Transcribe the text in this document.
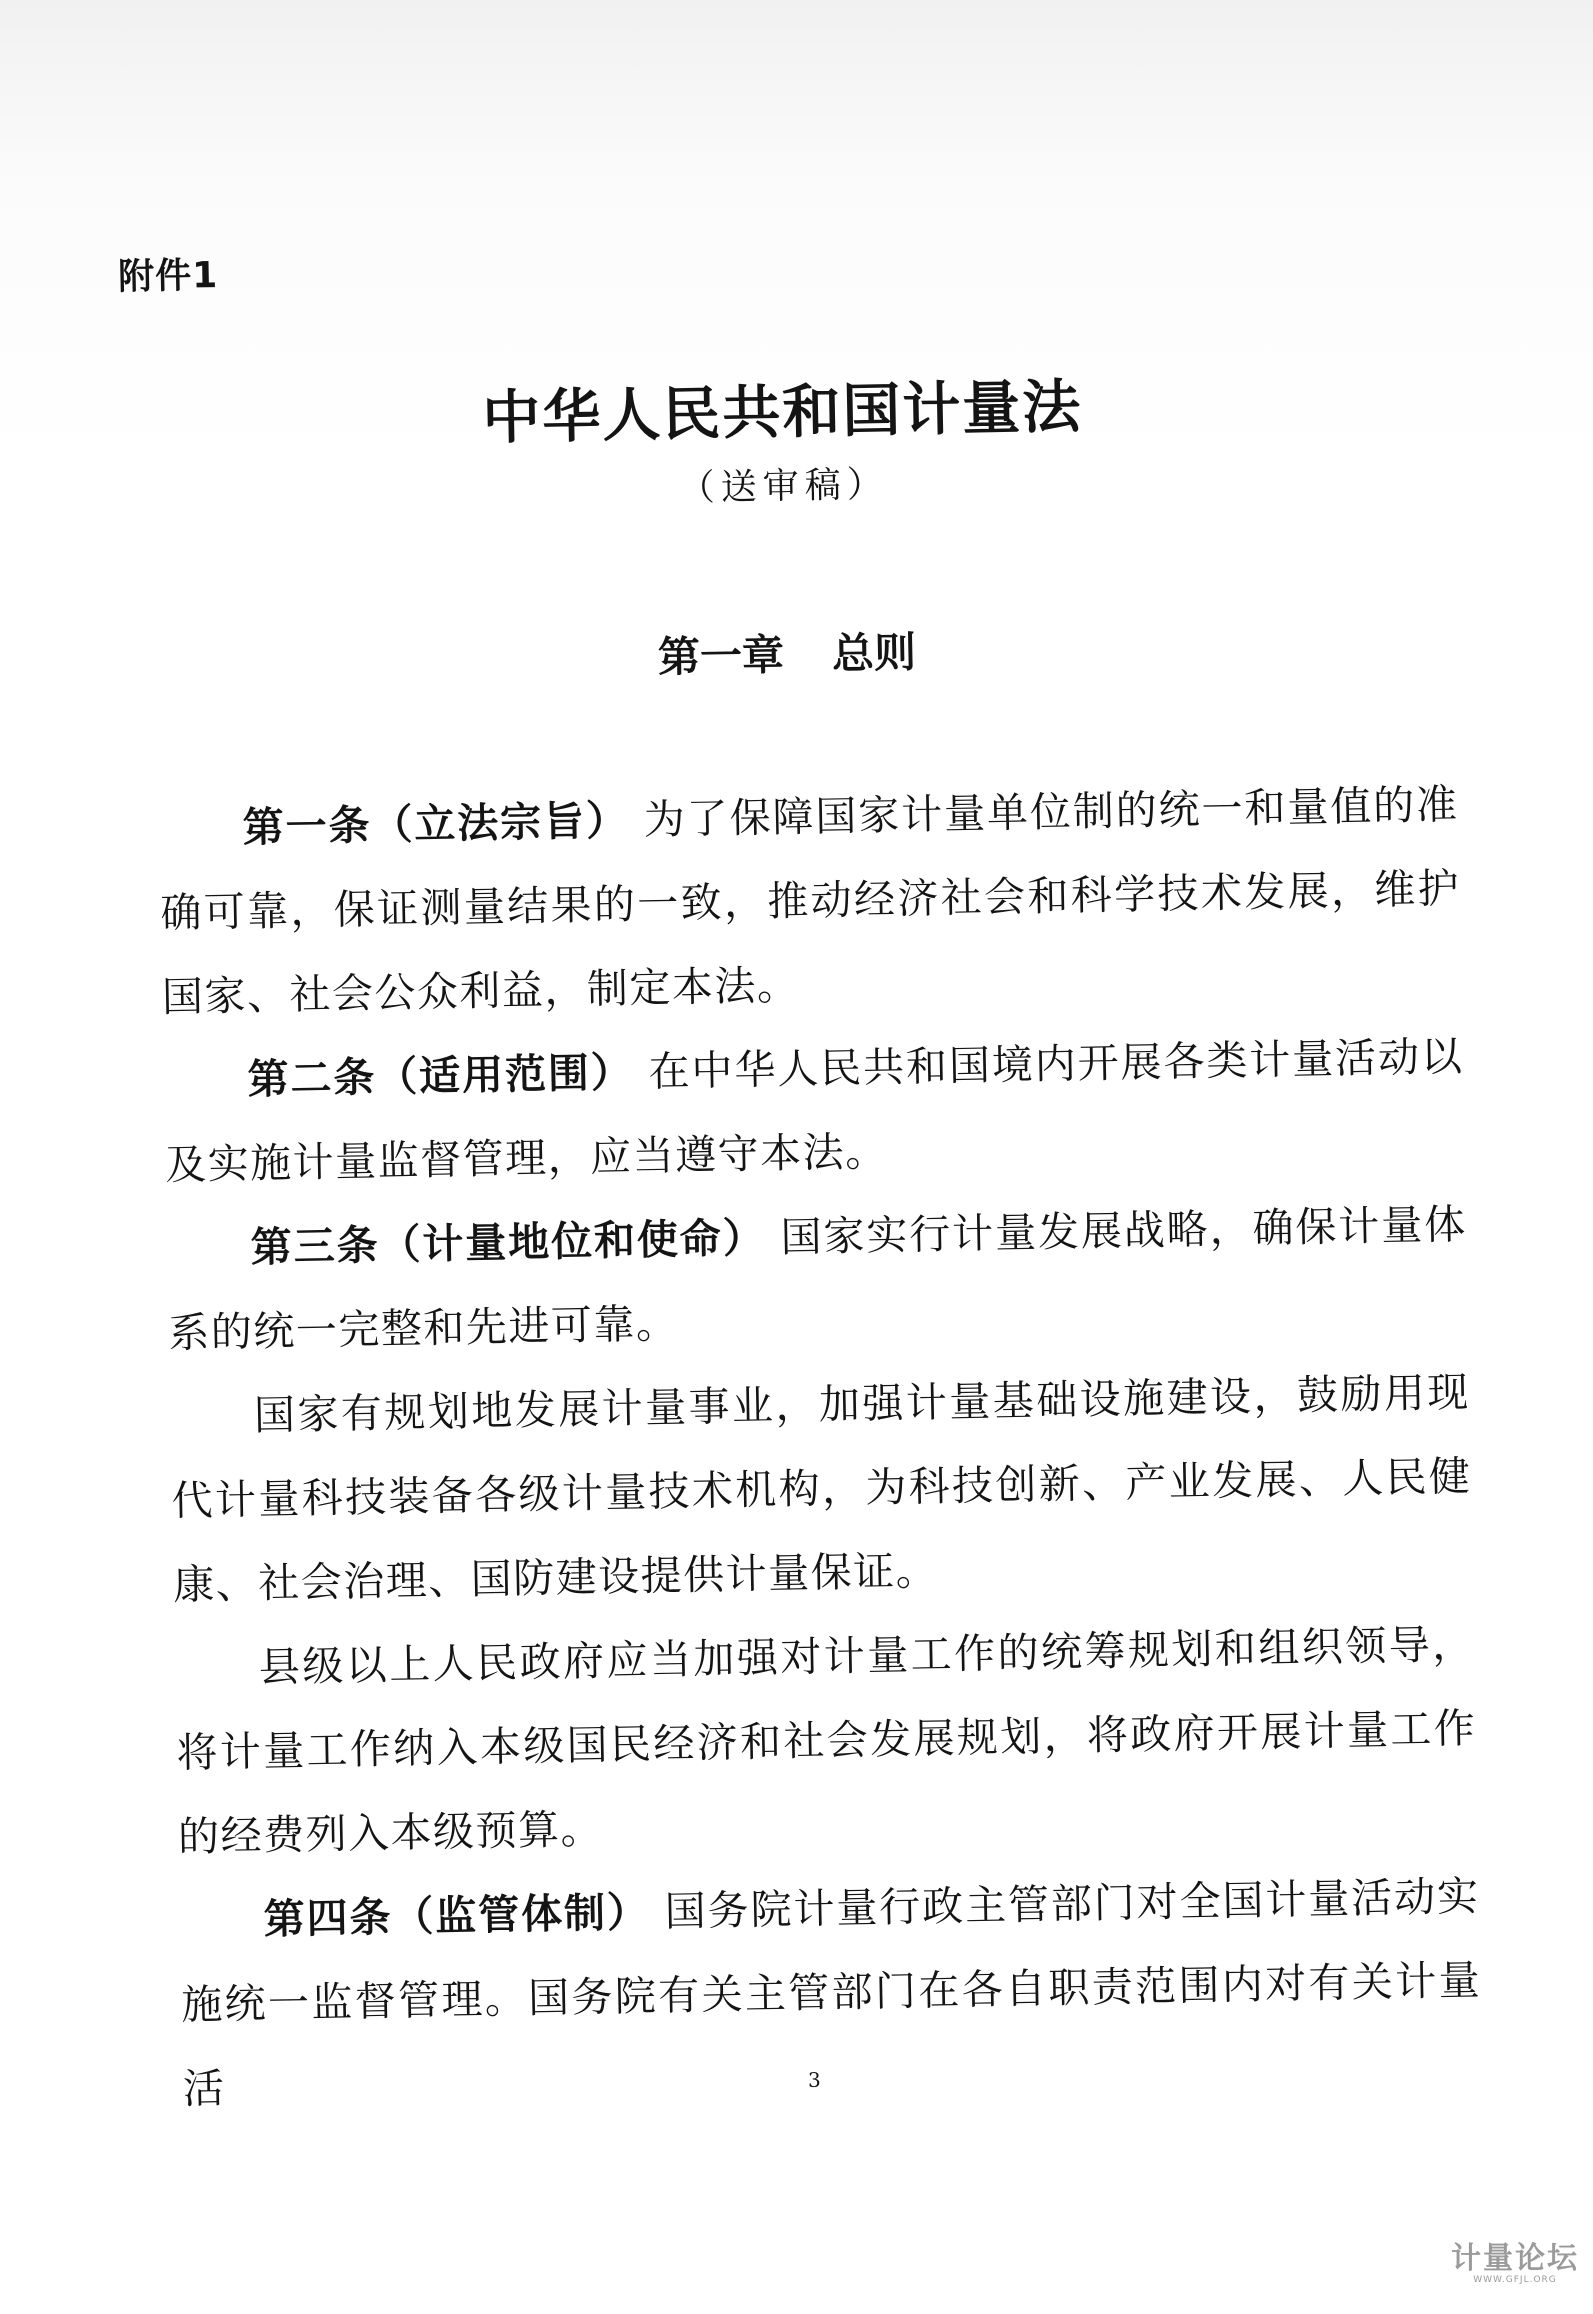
附件1
中华人民共和国计量法
（送审稿）
第一章 总则

第一条（立法宗旨） 为了保障国家计量单位制的统一和量值的准确可靠，保证测量结果的一致，推动经济社会和科学技术发展，维护国家、社会公众利益，制定本法。

第二条（适用范围） 在中华人民共和国境内开展各类计量活动以及实施计量监督管理，应当遵守本法。

第三条（计量地位和使命） 国家实行计量发展战略，确保计量体系的统一完整和先进可靠。

国家有规划地发展计量事业，加强计量基础设施建设，鼓励用现代计量科技装备各级计量技术机构，为科技创新、产业发展、人民健康、社会治理、国防建设提供计量保证。

县级以上人民政府应当加强对计量工作的统筹规划和组织领导，将计量工作纳入本级国民经济和社会发展规划，将政府开展计量工作的经费列入本级预算。

第四条（监管体制） 国务院计量行政主管部门对全国计量活动实施统一监督管理。国务院有关主管部门在各自职责范围内对有关计量活	3
计量论坛
WWW.GFJL.ORG
